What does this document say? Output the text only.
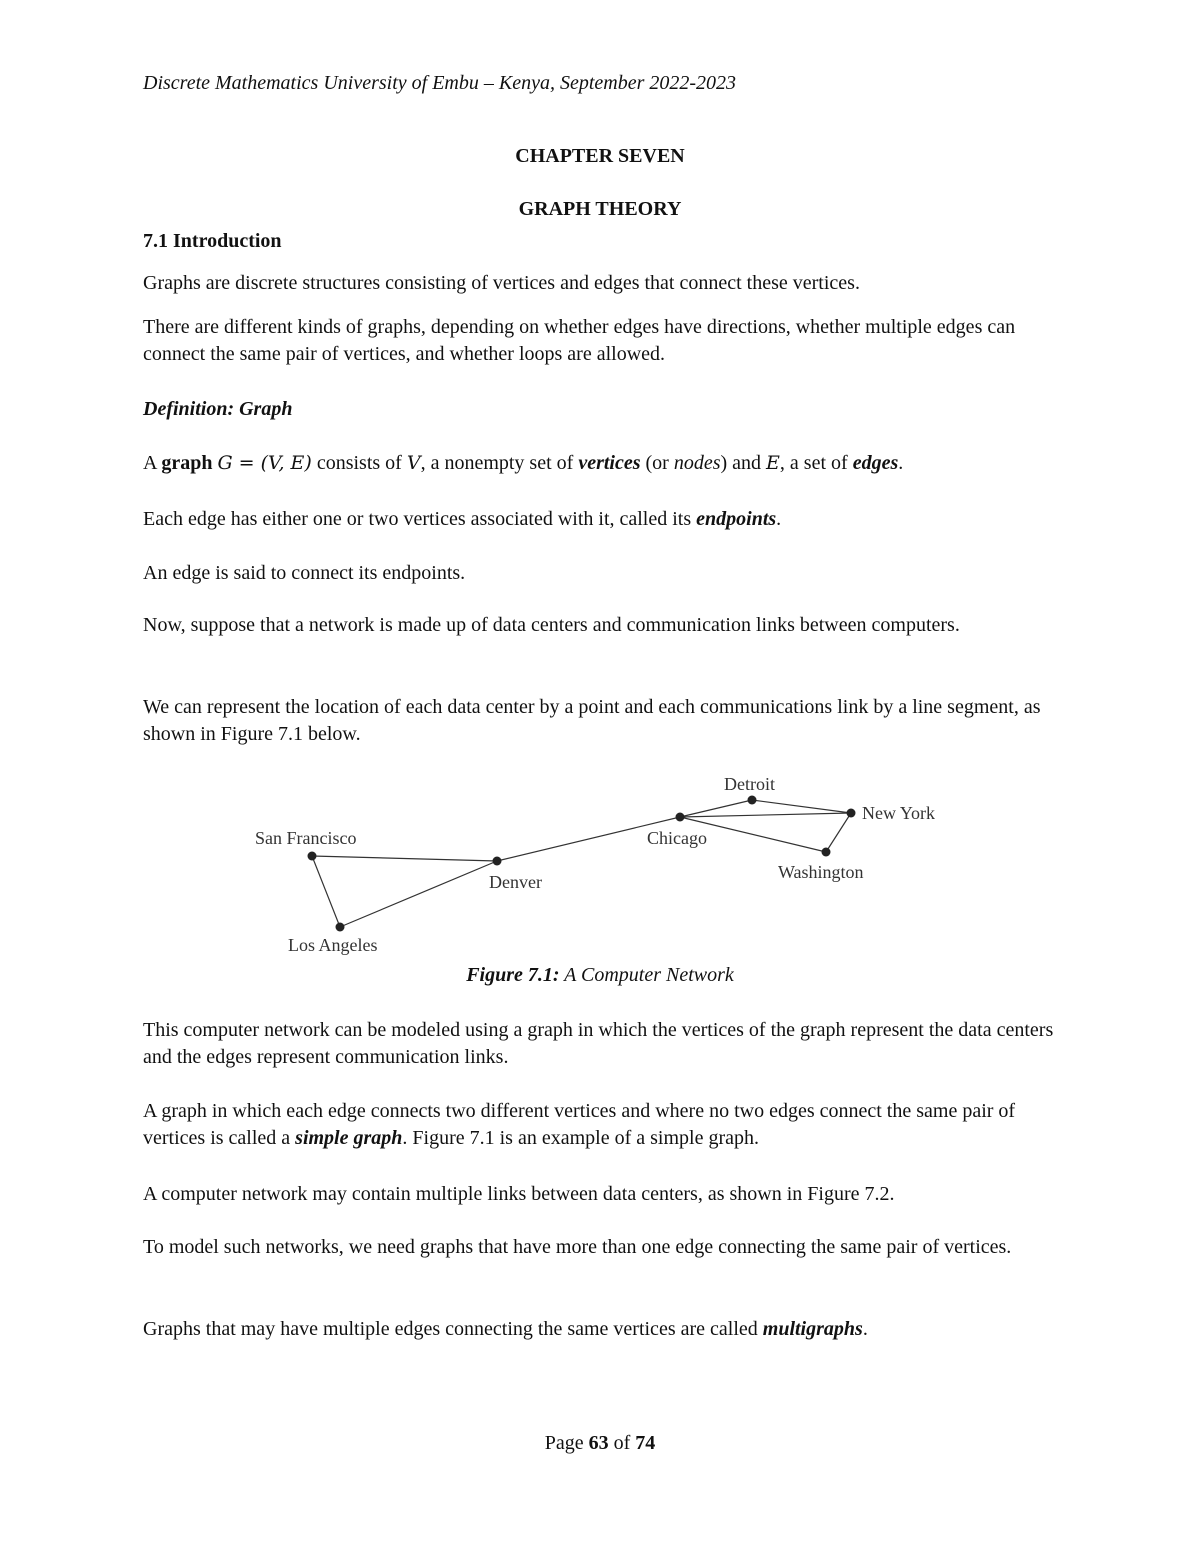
Discrete Mathematics University of Embu – Kenya, September 2022-2023
CHAPTER SEVEN
GRAPH THEORY
7.1 Introduction
Graphs are discrete structures consisting of vertices and edges that connect these vertices.
There are different kinds of graphs, depending on whether edges have directions, whether multiple edges can connect the same pair of vertices, and whether loops are allowed.
Definition: Graph
A graph G = (V, E) consists of V, a nonempty set of vertices (or nodes) and E, a set of edges.
Each edge has either one or two vertices associated with it, called its endpoints.
An edge is said to connect its endpoints.
Now, suppose that a network is made up of data centers and communication links between computers.
We can represent the location of each data center by a point and each communications link by a line segment, as shown in Figure 7.1 below.
San Francisco
Los Angeles
Denver
Chicago
Detroit
New York
Washington
Figure 7.1: A Computer Network
This computer network can be modeled using a graph in which the vertices of the graph represent the data centers and the edges represent communication links.
A graph in which each edge connects two different vertices and where no two edges connect the same pair of vertices is called a simple graph. Figure 7.1 is an example of a simple graph.
A computer network may contain multiple links between data centers, as shown in Figure 7.2.
To model such networks, we need graphs that have more than one edge connecting the same pair of vertices.
Graphs that may have multiple edges connecting the same vertices are called multigraphs.
Page 63 of 74
